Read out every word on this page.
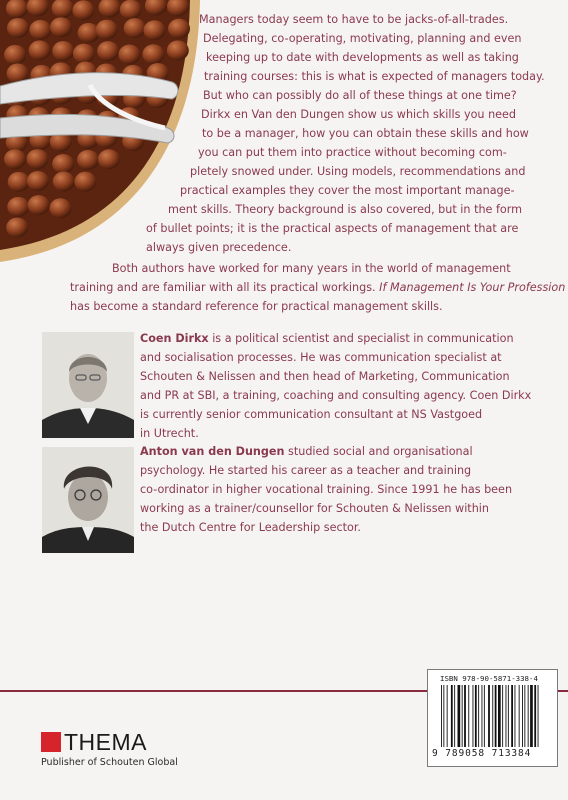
Managers today seem to have to be jacks-of-all-trades.
Delegating, co-operating, motivating, planning and even
keeping up to date with developments as well as taking
training courses: this is what is expected of managers today.
But who can possibly do all of these things at one time?
Dirkx en Van den Dungen show us which skills you need
to be a manager, how you can obtain these skills and how
you can put them into practice without becoming com-
pletely snowed under. Using models, recommendations and
practical examples they cover the most important manage-
ment skills. Theory background is also covered, but in the form
of bullet points; it is the practical aspects of management that are
always given precedence.
Both authors have worked for many years in the world of management
training and are familiar with all its practical workings. If Management Is Your Profession
has become a standard reference for practical management skills.
Coen Dirkx is a political scientist and specialist in communication
and socialisation processes. He was communication specialist at
Schouten & Nelissen and then head of Marketing, Communication
and PR at SBI, a training, coaching and consulting agency. Coen Dirkx
is currently senior communication consultant at NS Vastgoed
in Utrecht.
Anton van den Dungen studied social and organisational
psychology. He started his career as a teacher and training
co-ordinator in higher vocational training. Since 1991 he has been
working as a trainer/counsellor for Schouten & Nelissen within
the Dutch Centre for Leadership sector.
THEMA
Publisher of Schouten Global
ISBN 978-90-5871-338-4
9 789058 713384
